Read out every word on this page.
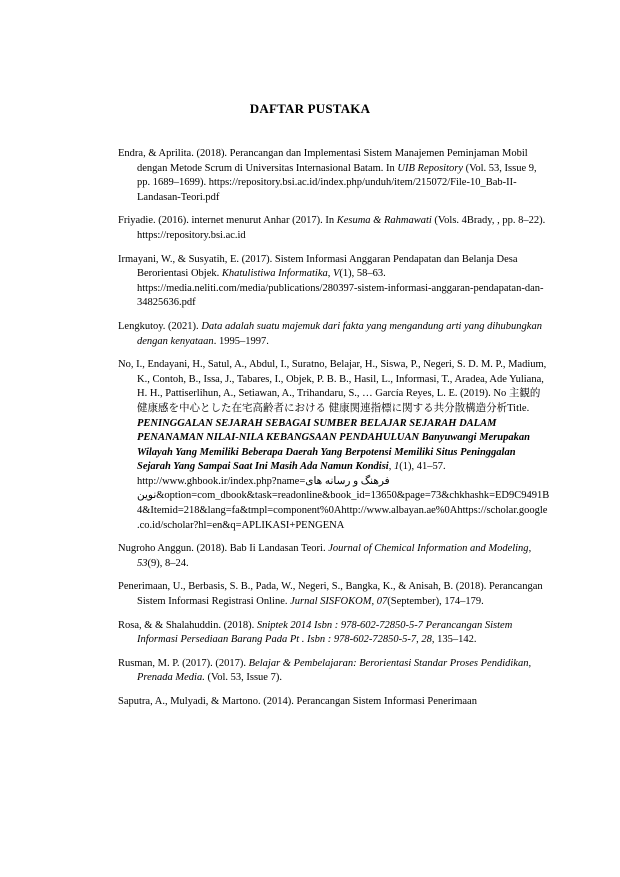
DAFTAR PUSTAKA

Endra, & Aprilita. (2018). Perancangan dan Implementasi Sistem Manajemen Peminjaman Mobil dengan Metode Scrum di Universitas Internasional Batam. In UIB Repository (Vol. 53, Issue 9, pp. 1689–1699). https://repository.bsi.ac.id/index.php/unduh/item/215072/File-10_Bab-II-Landasan-Teori.pdf

Friyadie. (2016). internet menurut Anhar (2017). In Kesuma & Rahmawati (Vols. 4Brady, , pp. 8–22). https://repository.bsi.ac.id

Irmayani, W., & Susyatih, E. (2017). Sistem Informasi Anggaran Pendapatan dan Belanja Desa Berorientasi Objek. Khatulistiwa Informatika, V(1), 58–63. https://media.neliti.com/media/publications/280397-sistem-informasi-anggaran-pendapatan-dan-34825636.pdf

Lengkutoy. (2021). Data adalah suatu majemuk dari fakta yang mengandung arti yang dihubungkan dengan kenyataan. 1995–1997.

No, I., Endayani, H., Satul, A., Abdul, I., Suratno, Belajar, H., Siswa, P., Negeri, S. D. M. P., Madium, K., Contoh, B., Issa, J., Tabares, I., Objek, P. B. B., Hasil, L., Informasi, T., Aradea, Ade Yuliana, H. H., Pattiserlihun, A., Setiawan, A., Trihandaru, S., … García Reyes, L. E. (2019). No 主観的健康感を中心とした在宅高齢者における 健康関連指標に関する共分散構造分析Title. PENINGGALAN SEJARAH SEBAGAI SUMBER BELAJAR SEJARAH DALAM PENANAMAN NILAI-NILA KEBANGSAAN PENDAHULUAN Banyuwangi Merupakan Wilayah Yang Memiliki Beberapa Daerah Yang Berpotensi Memiliki Situs Peninggalan Sejarah Yang Sampai Saat Ini Masih Ada Namun Kondisi, 1(1), 41–57. http://www.ghbook.ir/index.php?name=فرهنگ و رسانه های نوین&option=com_dbook&task=readonline&book_id=13650&page=73&chkhashk=ED9C9491B4&Itemid=218&lang=fa&tmpl=component%0Ahttp://www.albayan.ae%0Ahttps://scholar.google.co.id/scholar?hl=en&q=APLIKASI+PENGENA

Nugroho Anggun. (2018). Bab Ii Landasan Teori. Journal of Chemical Information and Modeling, 53(9), 8–24.

Penerimaan, U., Berbasis, S. B., Pada, W., Negeri, S., Bangka, K., & Anisah, B. (2018). Perancangan Sistem Informasi Registrasi Online. Jurnal SISFOKOM, 07(September), 174–179.

Rosa, & & Shalahuddin. (2018). Sniptek 2014 Isbn : 978-602-72850-5-7 Perancangan Sistem Informasi Persediaan Barang Pada Pt . Isbn : 978-602-72850-5-7, 28, 135–142.

Rusman, M. P. (2017). (2017). Belajar & Pembelajaran: Berorientasi Standar Proses Pendidikan, Prenada Media. (Vol. 53, Issue 7).

Saputra, A., Mulyadi, & Martono. (2014). Perancangan Sistem Informasi Penerimaan
